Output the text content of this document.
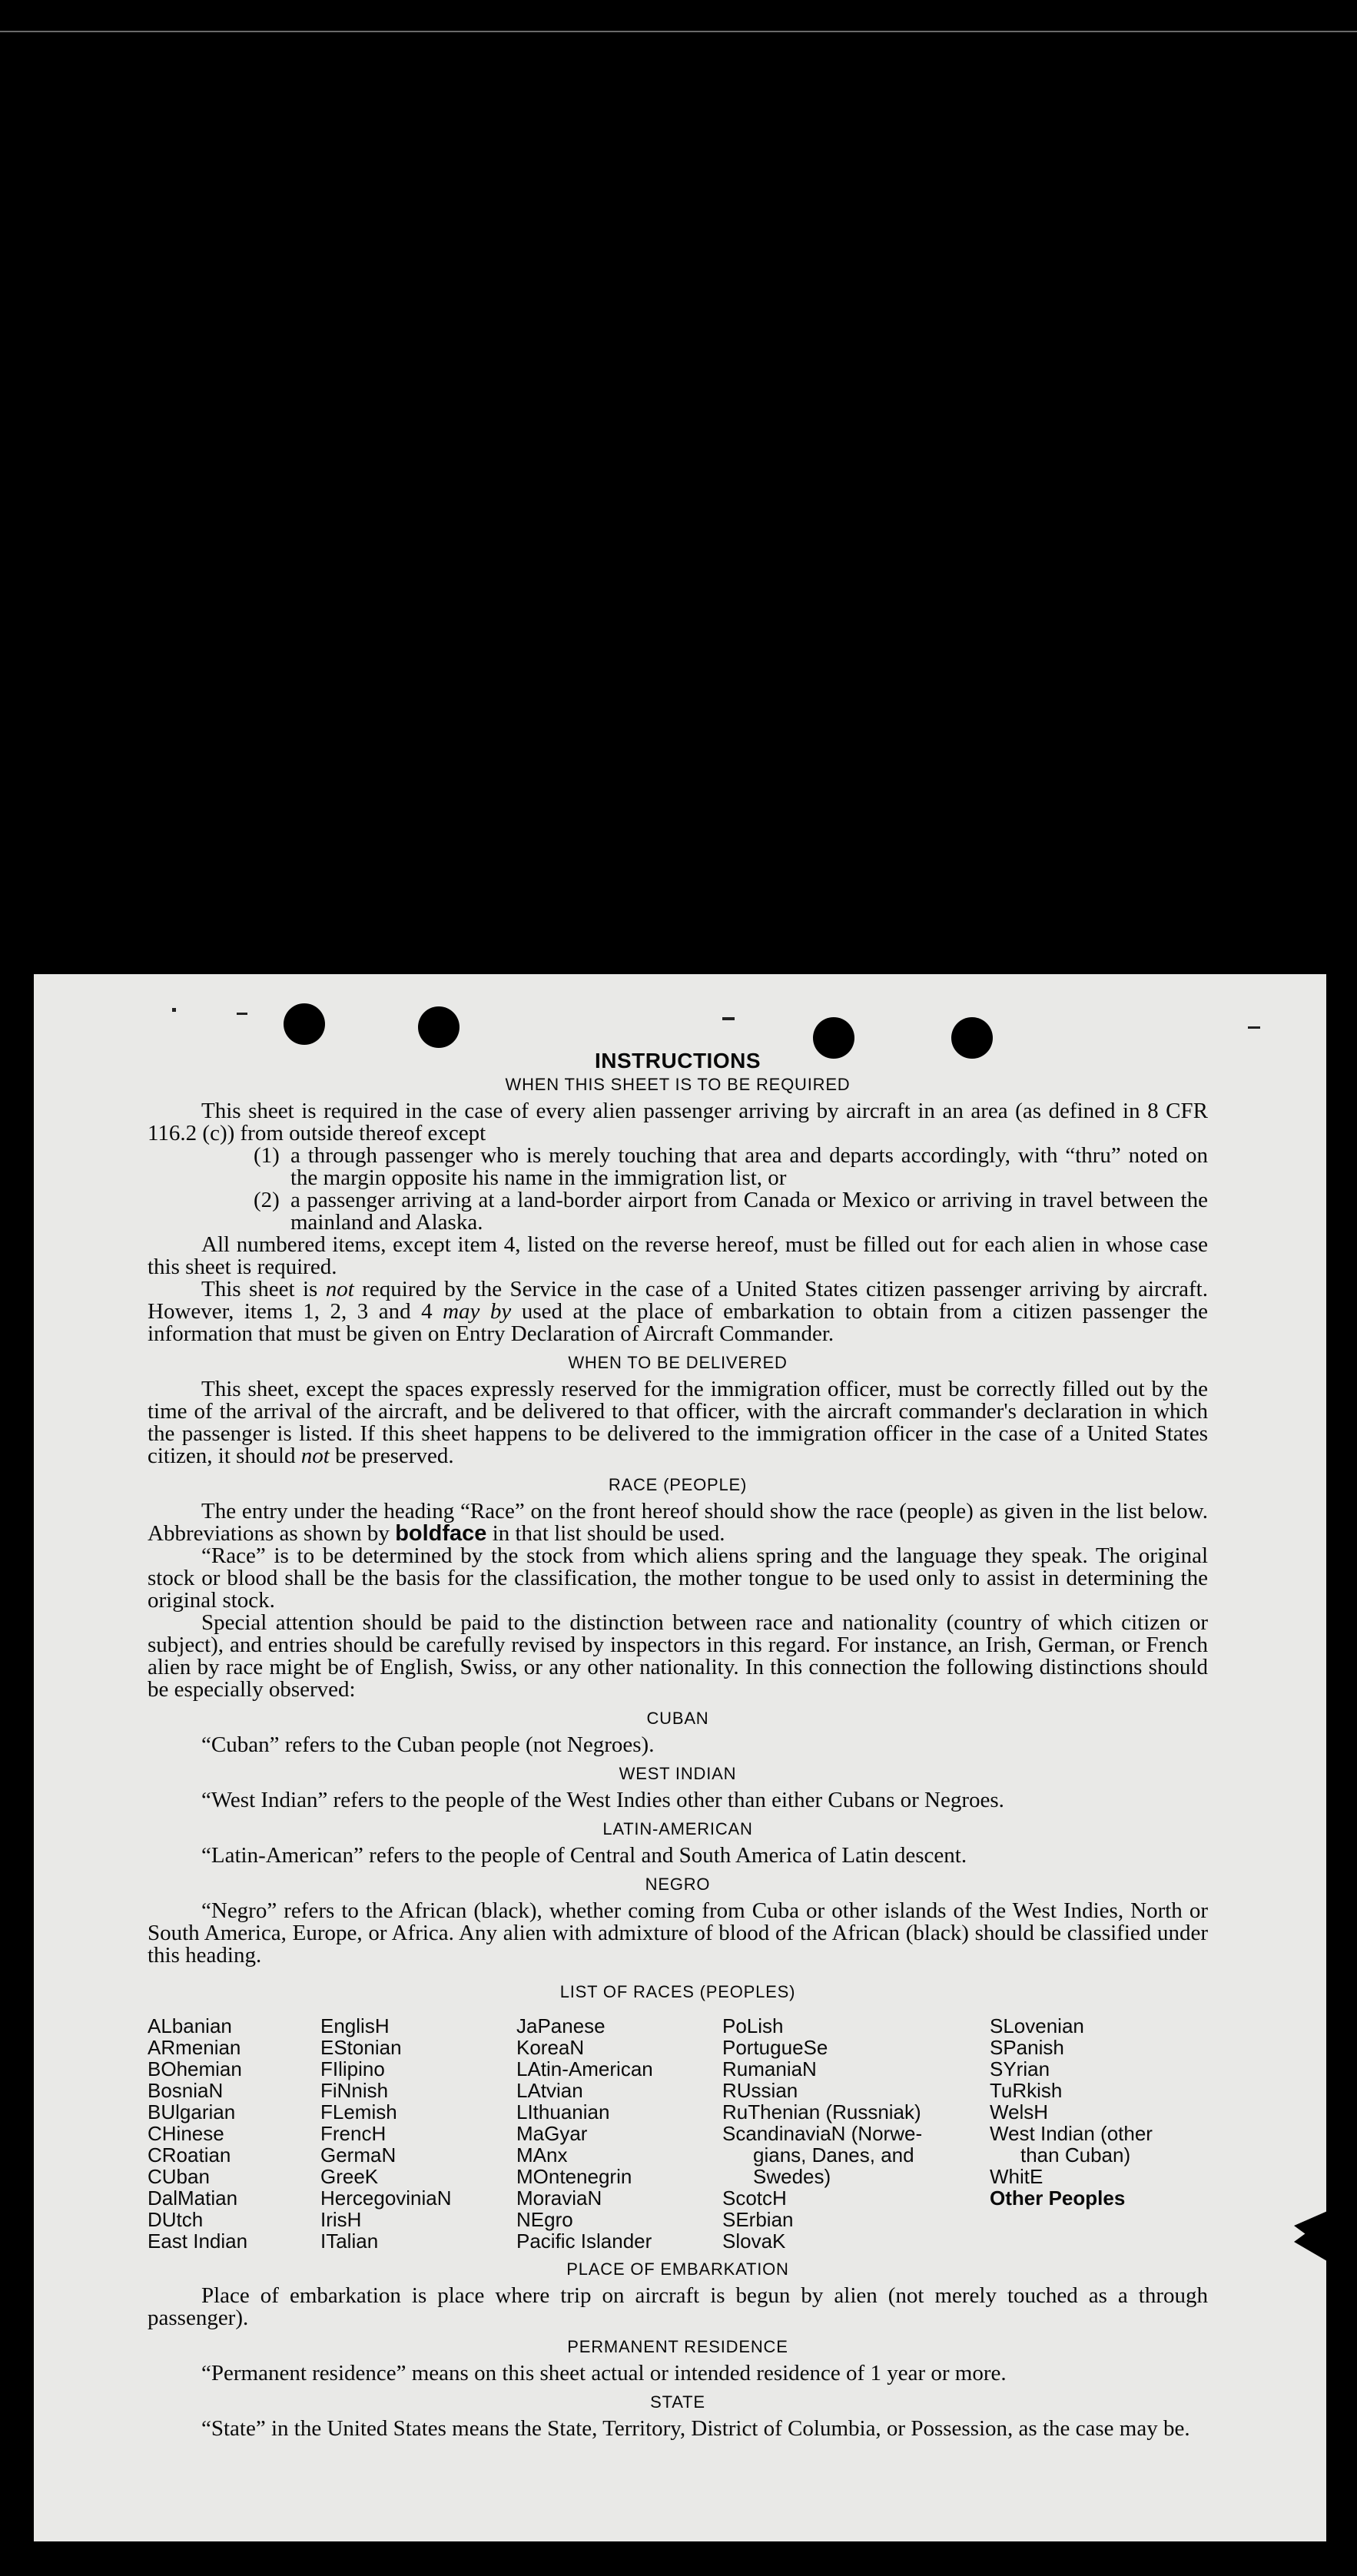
INSTRUCTIONS
WHEN THIS SHEET IS TO BE REQUIRED

This sheet is required in the case of every alien passenger arriving by aircraft in an area (as defined in 8 CFR 116.2 (c)) from outside thereof except

(1) a through passenger who is merely touching that area and departs accordingly, with “thru” noted on the margin opposite his name in the immigration list, or
(2) a passenger arriving at a land-border airport from Canada or Mexico or arriving in travel between the mainland and Alaska.

All numbered items, except item 4, listed on the reverse hereof, must be filled out for each alien in whose case this sheet is required.

This sheet is not required by the Service in the case of a United States citizen passenger arriving by aircraft. However, items 1, 2, 3 and 4 may by used at the place of embarkation to obtain from a citizen passenger the information that must be given on Entry Declaration of Aircraft Commander.

WHEN TO BE DELIVERED

This sheet, except the spaces expressly reserved for the immigration officer, must be correctly filled out by the time of the arrival of the aircraft, and be delivered to that officer, with the aircraft commander's declaration in which the passenger is listed. If this sheet happens to be delivered to the immigration officer in the case of a United States citizen, it should not be preserved.

RACE (PEOPLE)

The entry under the heading “Race” on the front hereof should show the race (people) as given in the list below. Abbreviations as shown by boldface in that list should be used.

“Race” is to be determined by the stock from which aliens spring and the language they speak. The original stock or blood shall be the basis for the classification, the mother tongue to be used only to assist in determining the original stock.

Special attention should be paid to the distinction between race and nationality (country of which citizen or subject), and entries should be carefully revised by inspectors in this regard. For instance, an Irish, German, or French alien by race might be of English, Swiss, or any other nationality. In this connection the following distinctions should be especially observed:

CUBAN

“Cuban” refers to the Cuban people (not Negroes).

WEST INDIAN

“West Indian” refers to the people of the West Indies other than either Cubans or Negroes.

LATIN-AMERICAN

“Latin-American” refers to the people of Central and South America of Latin descent.

NEGRO

“Negro” refers to the African (black), whether coming from Cuba or other islands of the West Indies, North or South America, Europe, or Africa. Any alien with admixture of blood of the African (black) should be classified under this heading.

LIST OF RACES (PEOPLES)
ALbanian
ARmenian
BOhemian
BosniaN
BUlgarian
CHinese
CRoatian
CUban
DalMatian
DUtch
East Indian
EnglisH
EStonian
FIlipino
FiNnish
FLemish
FrencH
GermaN
GreeK
HercegoviniaN
IrisH
ITalian
JaPanese
KoreaN
LAtin-American
LAtvian
LIthuanian
MaGyar
MAnx
MOntenegrin
MoraviaN
NEgro
Pacific Islander
PoLish
PortugueSe
RumaniaN
RUssian
RuThenian (Russniak)
ScandinaviaN (Norwe-
gians, Danes, and
Swedes)
ScotcH
SErbian
SlovaK
SLovenian
SPanish
SYrian
TuRkish
WelsH
West Indian (other
than Cuban)
WhitE
Other Peoples
PLACE OF EMBARKATION

Place of embarkation is place where trip on aircraft is begun by alien (not merely touched as a through passenger).

PERMANENT RESIDENCE

“Permanent residence” means on this sheet actual or intended residence of 1 year or more.

STATE

“State” in the United States means the State, Territory, District of Columbia, or Possession, as the case may be.
